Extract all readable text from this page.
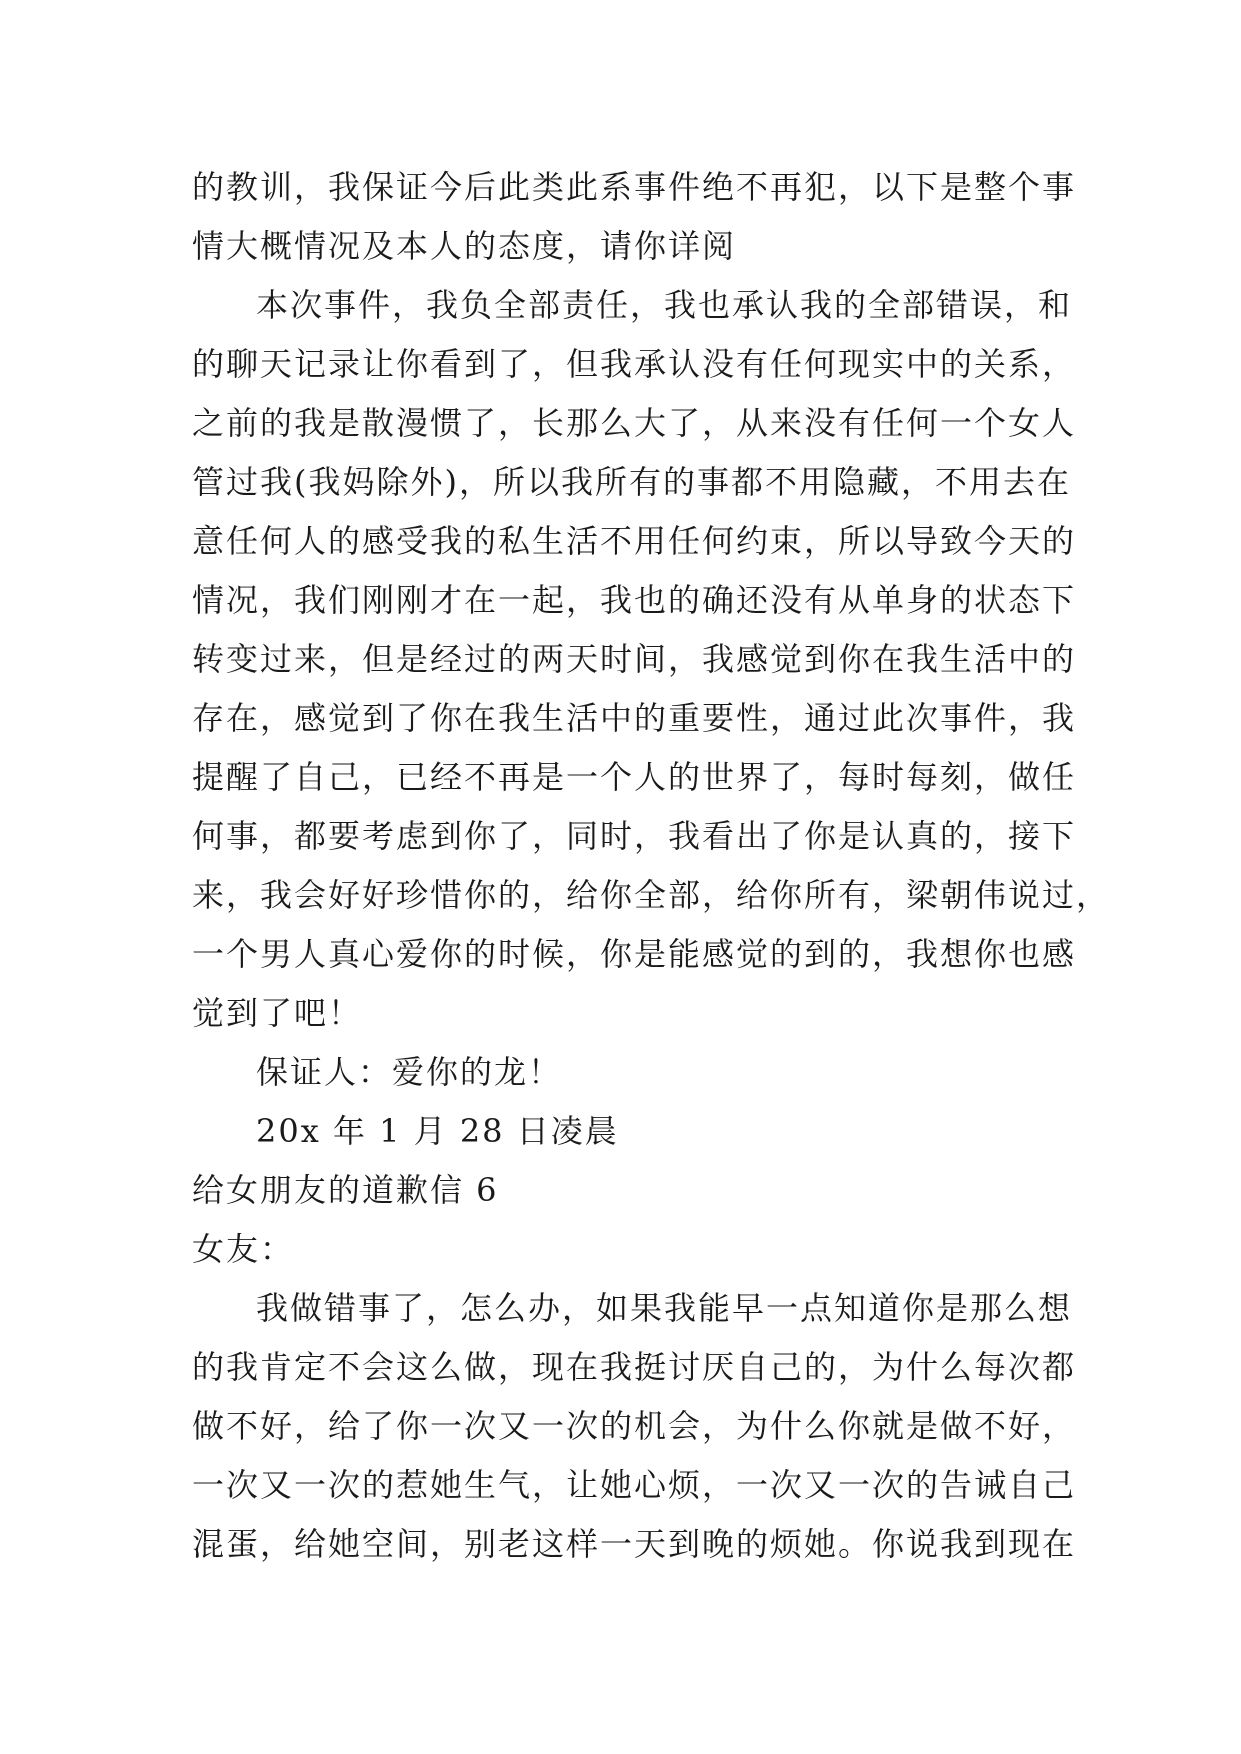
的教训，我保证今后此类此系事件绝不再犯，以下是整个事
情大概情况及本人的态度，请你详阅
本次事件，我负全部责任，我也承认我的全部错误，和
的聊天记录让你看到了，但我承认没有任何现实中的关系，
之前的我是散漫惯了，长那么大了，从来没有任何一个女人
管过我(我妈除外)，所以我所有的事都不用隐藏，不用去在
意任何人的感受我的私生活不用任何约束，所以导致今天的
情况，我们刚刚才在一起，我也的确还没有从单身的状态下
转变过来，但是经过的两天时间，我感觉到你在我生活中的
存在，感觉到了你在我生活中的重要性，通过此次事件，我
提醒了自己，已经不再是一个人的世界了，每时每刻，做任
何事，都要考虑到你了，同时，我看出了你是认真的，接下
来，我会好好珍惜你的，给你全部，给你所有，梁朝伟说过，
一个男人真心爱你的时候，你是能感觉的到的，我想你也感
觉到了吧！
保证人：爱你的龙！
20x 年 1 月 28 日凌晨
给女朋友的道歉信 6
女友：
我做错事了，怎么办，如果我能早一点知道你是那么想
的我肯定不会这么做，现在我挺讨厌自己的，为什么每次都
做不好，给了你一次又一次的机会，为什么你就是做不好，
一次又一次的惹她生气，让她心烦，一次又一次的告诫自己
混蛋，给她空间，别老这样一天到晚的烦她。你说我到现在
